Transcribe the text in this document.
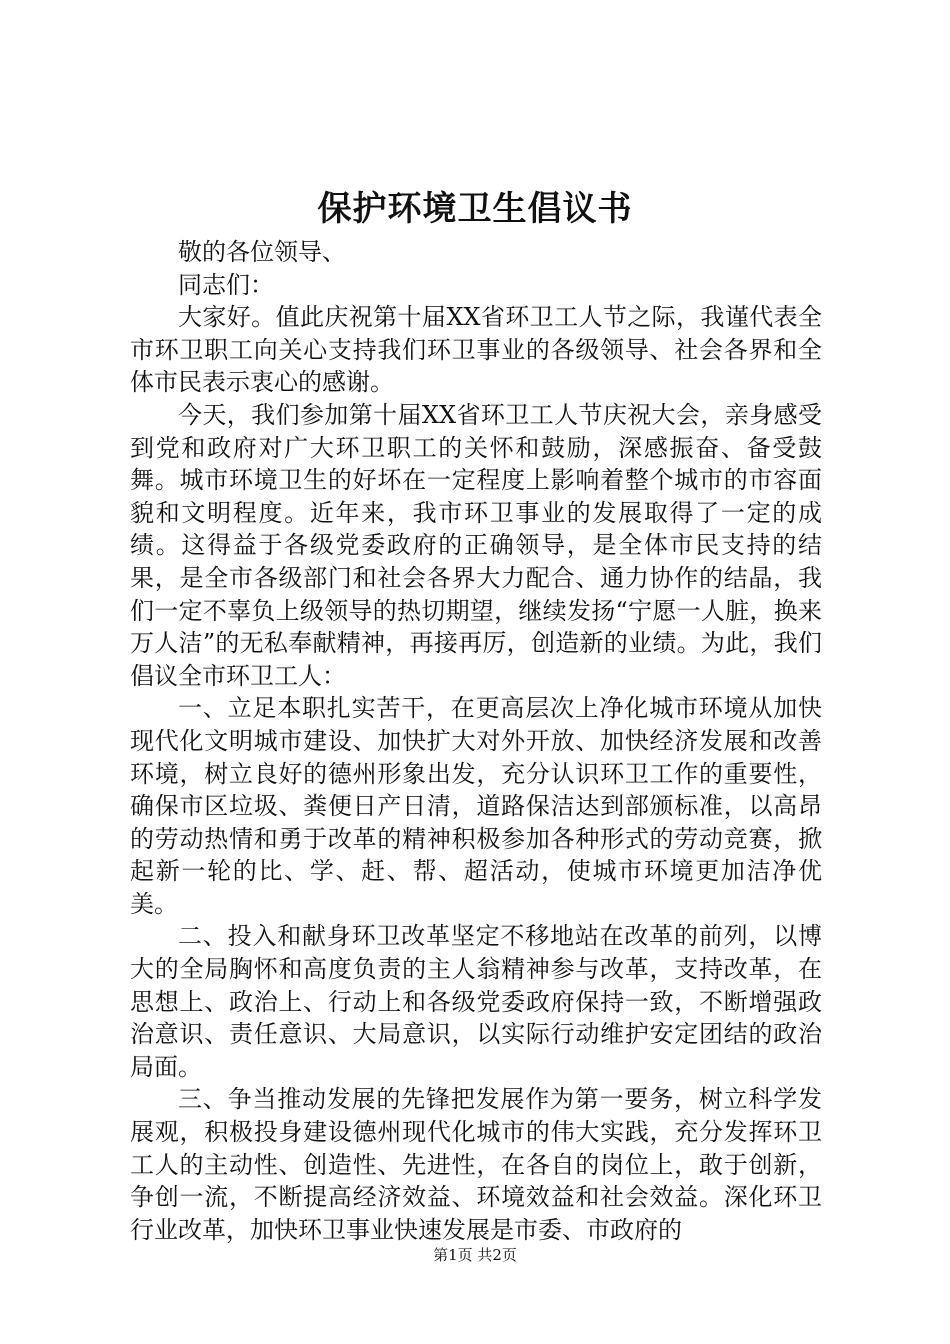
保护环境卫生倡议书

敬的各位领导、

同志们：

大家好。值此庆祝第十届XX省环卫工人节之际，我谨代表全市环卫职工向关心支持我们环卫事业的各级领导、社会各界和全体市民表示衷心的感谢。

今天，我们参加第十届XX省环卫工人节庆祝大会，亲身感受到党和政府对广大环卫职工的关怀和鼓励，深感振奋、备受鼓舞。城市环境卫生的好坏在一定程度上影响着整个城市的市容面貌和文明程度。近年来，我市环卫事业的发展取得了一定的成绩。这得益于各级党委政府的正确领导，是全体市民支持的结果，是全市各级部门和社会各界大力配合、通力协作的结晶，我们一定不辜负上级领导的热切期望，继续发扬“宁愿一人脏，换来万人洁”的无私奉献精神，再接再厉，创造新的业绩。为此，我们倡议全市环卫工人：

一、立足本职扎实苦干，在更高层次上净化城市环境从加快现代化文明城市建设、加快扩大对外开放、加快经济发展和改善环境，树立良好的德州形象出发，充分认识环卫工作的重要性，确保市区垃圾、粪便日产日清，道路保洁达到部颁标准，以高昂的劳动热情和勇于改革的精神积极参加各种形式的劳动竞赛，掀起新一轮的比、学、赶、帮、超活动，使城市环境更加洁净优美。

二、投入和献身环卫改革坚定不移地站在改革的前列，以博大的全局胸怀和高度负责的主人翁精神参与改革，支持改革，在思想上、政治上、行动上和各级党委政府保持一致，不断增强政治意识、责任意识、大局意识，以实际行动维护安定团结的政治局面。

三、争当推动发展的先锋把发展作为第一要务，树立科学发展观，积极投身建设德州现代化城市的伟大实践，充分发挥环卫工人的主动性、创造性、先进性，在各自的岗位上，敢于创新，争创一流，不断提高经济效益、环境效益和社会效益。深化环卫行业改革，加快环卫事业快速发展是市委、市政府的

第1页 共2页
